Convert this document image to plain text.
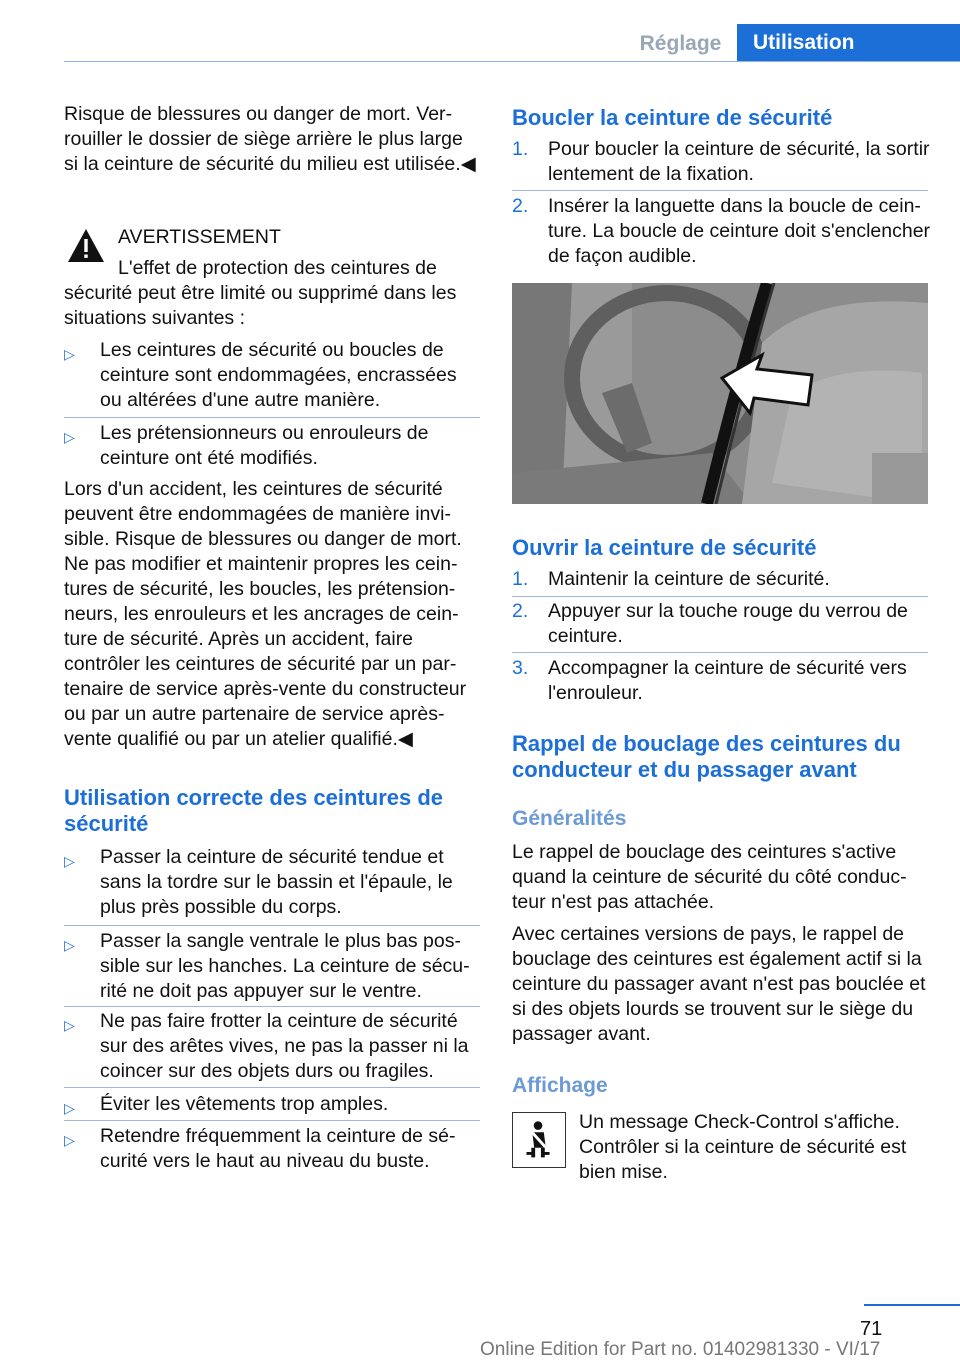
Réglage	Utilisation

Risque de blessures ou danger de mort. Verrouiller le dossier de siège arrière le plus large si la ceinture de sécurité du milieu est utilisée.◀

AVERTISSEMENT

L'effet de protection des ceintures de sécurité peut être limité ou supprimé dans les situations suivantes :

▷ Les ceintures de sécurité ou boucles de ceinture sont endommagées, encrassées ou altérées d'une autre manière.
▷ Les prétensionneurs ou enrouleurs de ceinture ont été modifiés.

Lors d'un accident, les ceintures de sécurité peuvent être endommagées de manière invisible. Risque de blessures ou danger de mort. Ne pas modifier et maintenir propres les ceintures de sécurité, les boucles, les prétensionneurs, les enrouleurs et les ancrages de ceinture de sécurité. Après un accident, faire contrôler les ceintures de sécurité par un partenaire de service après-vente du constructeur ou par un autre partenaire de service après-vente qualifié ou par un atelier qualifié.◀

Utilisation correcte des ceintures de sécurité
▷ Passer la ceinture de sécurité tendue et sans la tordre sur le bassin et l'épaule, le plus près possible du corps.
▷ Passer la sangle ventrale le plus bas possible sur les hanches. La ceinture de sécurité ne doit pas appuyer sur le ventre.
▷ Ne pas faire frotter la ceinture de sécurité sur des arêtes vives, ne pas la passer ni la coincer sur des objets durs ou fragiles.
▷ Éviter les vêtements trop amples.
▷ Retendre fréquemment la ceinture de sécurité vers le haut au niveau du buste.
Boucler la ceinture de sécurité
1. Pour boucler la ceinture de sécurité, la sortir lentement de la fixation.
2. Insérer la languette dans la boucle de ceinture. La boucle de ceinture doit s'enclencher de façon audible.
Ouvrir la ceinture de sécurité
1. Maintenir la ceinture de sécurité.
2. Appuyer sur la touche rouge du verrou de ceinture.
3. Accompagner la ceinture de sécurité vers l'enrouleur.
Rappel de bouclage des ceintures du conducteur et du passager avant
Généralités

Le rappel de bouclage des ceintures s'active quand la ceinture de sécurité du côté conducteur n'est pas attachée.

Avec certaines versions de pays, le rappel de bouclage des ceintures est également actif si la ceinture du passager avant n'est pas bouclée et si des objets lourds se trouvent sur le siège du passager avant.

Affichage

Un message Check-Control s'affiche. Contrôler si la ceinture de sécurité est bien mise.

71
Online Edition for Part no. 01402981330 - VI/17
